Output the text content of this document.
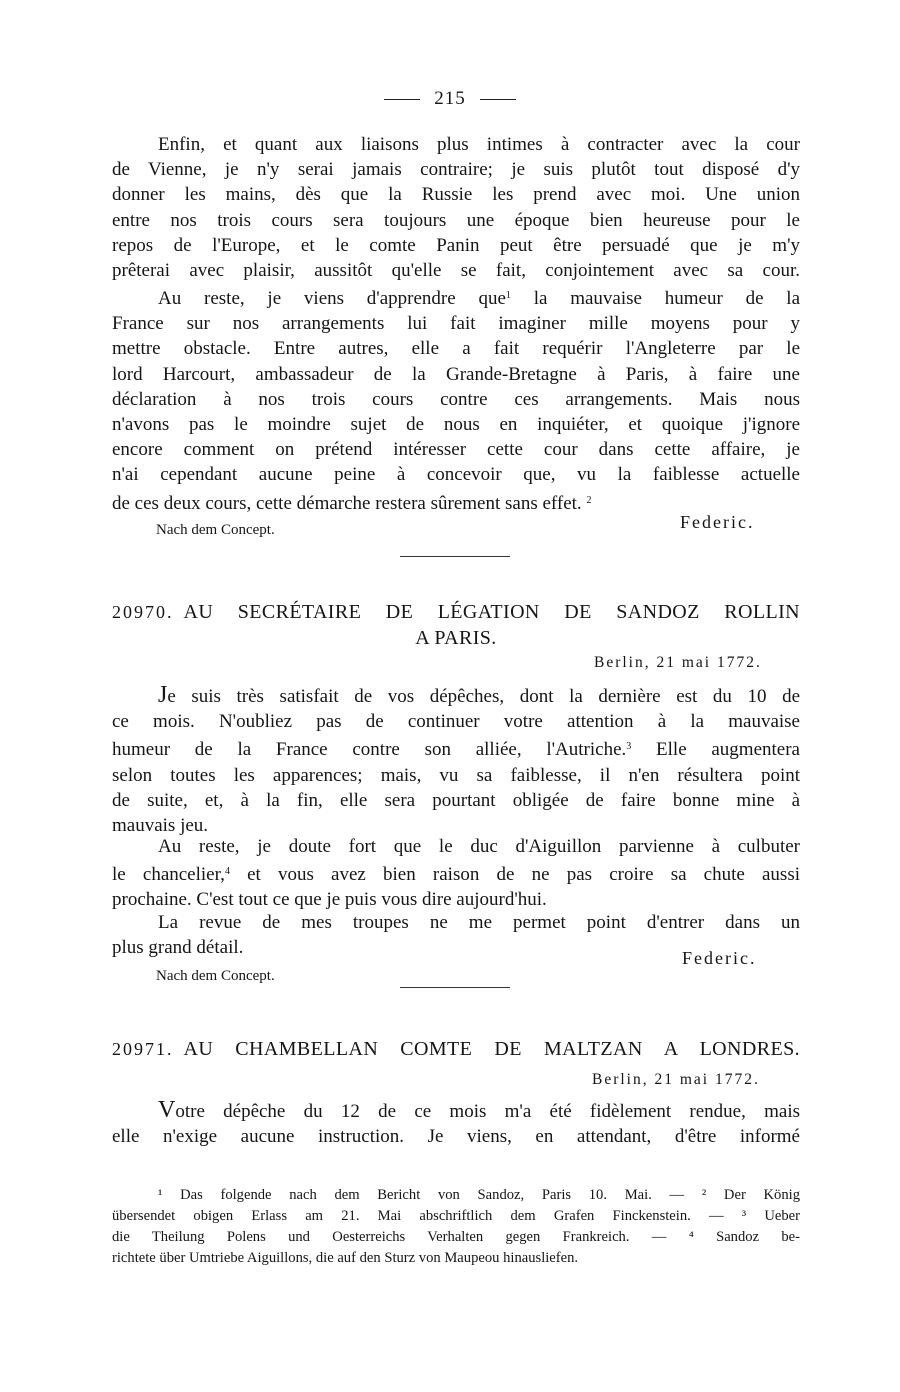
215
Enfin, et quant aux liaisons plus intimes à contracter avec la cour
de Vienne, je n'y serai jamais contraire; je suis plutôt tout disposé d'y
donner les mains, dès que la Russie les prend avec moi. Une union
entre nos trois cours sera toujours une époque bien heureuse pour le
repos de l'Europe, et le comte Panin peut être persuadé que je m'y
prêterai avec plaisir, aussitôt qu'elle se fait, conjointement avec sa cour.
Au reste, je viens d'apprendre que$^1$ la mauvaise humeur de la
France sur nos arrangements lui fait imaginer mille moyens pour y
mettre obstacle. Entre autres, elle a fait requérir l'Angleterre par le
lord Harcourt, ambassadeur de la Grande-Bretagne à Paris, à faire une
déclaration à nos trois cours contre ces arrangements. Mais nous
n'avons pas le moindre sujet de nous en inquiéter, et quoique j'ignore
encore comment on prétend intéresser cette cour dans cette affaire, je
n'ai cependant aucune peine à concevoir que, vu la faiblesse actuelle
de ces deux cours, cette démarche restera sûrement sans effet. $^2$
Nach dem Concept.	Federic.
20970. AU SECRÉTAIRE DE LÉGATION DE SANDOZ ROLLIN
A PARIS.
Berlin, 21 mai 1772.
Je suis très satisfait de vos dépêches, dont la dernière est du 10 de
ce mois. N'oubliez pas de continuer votre attention à la mauvaise
humeur de la France contre son alliée, l'Autriche.$^3$ Elle augmentera
selon toutes les apparences; mais, vu sa faiblesse, il n'en résultera point
de suite, et, à la fin, elle sera pourtant obligée de faire bonne mine à
mauvais jeu.
Au reste, je doute fort que le duc d'Aiguillon parvienne à culbuter
le chancelier,$^4$ et vous avez bien raison de ne pas croire sa chute aussi
prochaine. C'est tout ce que je puis vous dire aujourd'hui.
La revue de mes troupes ne me permet point d'entrer dans un
plus grand détail.
Nach dem Concept.
Federic.
20971. AU CHAMBELLAN COMTE DE MALTZAN A LONDRES.
Berlin, 21 mai 1772.
Votre dépêche du 12 de ce mois m'a été fidèlement rendue, mais
elle n'exige aucune instruction. Je viens, en attendant, d'être informé
¹ Das folgende nach dem Bericht von Sandoz, Paris 10. Mai. — ² Der König
übersendet obigen Erlass am 21. Mai abschriftlich dem Grafen Finckenstein. — ³ Ueber
die Theilung Polens und Oesterreichs Verhalten gegen Frankreich. — ⁴ Sandoz be-
richtete über Umtriebe Aiguillons, die auf den Sturz von Maupeou hinausliefen.
